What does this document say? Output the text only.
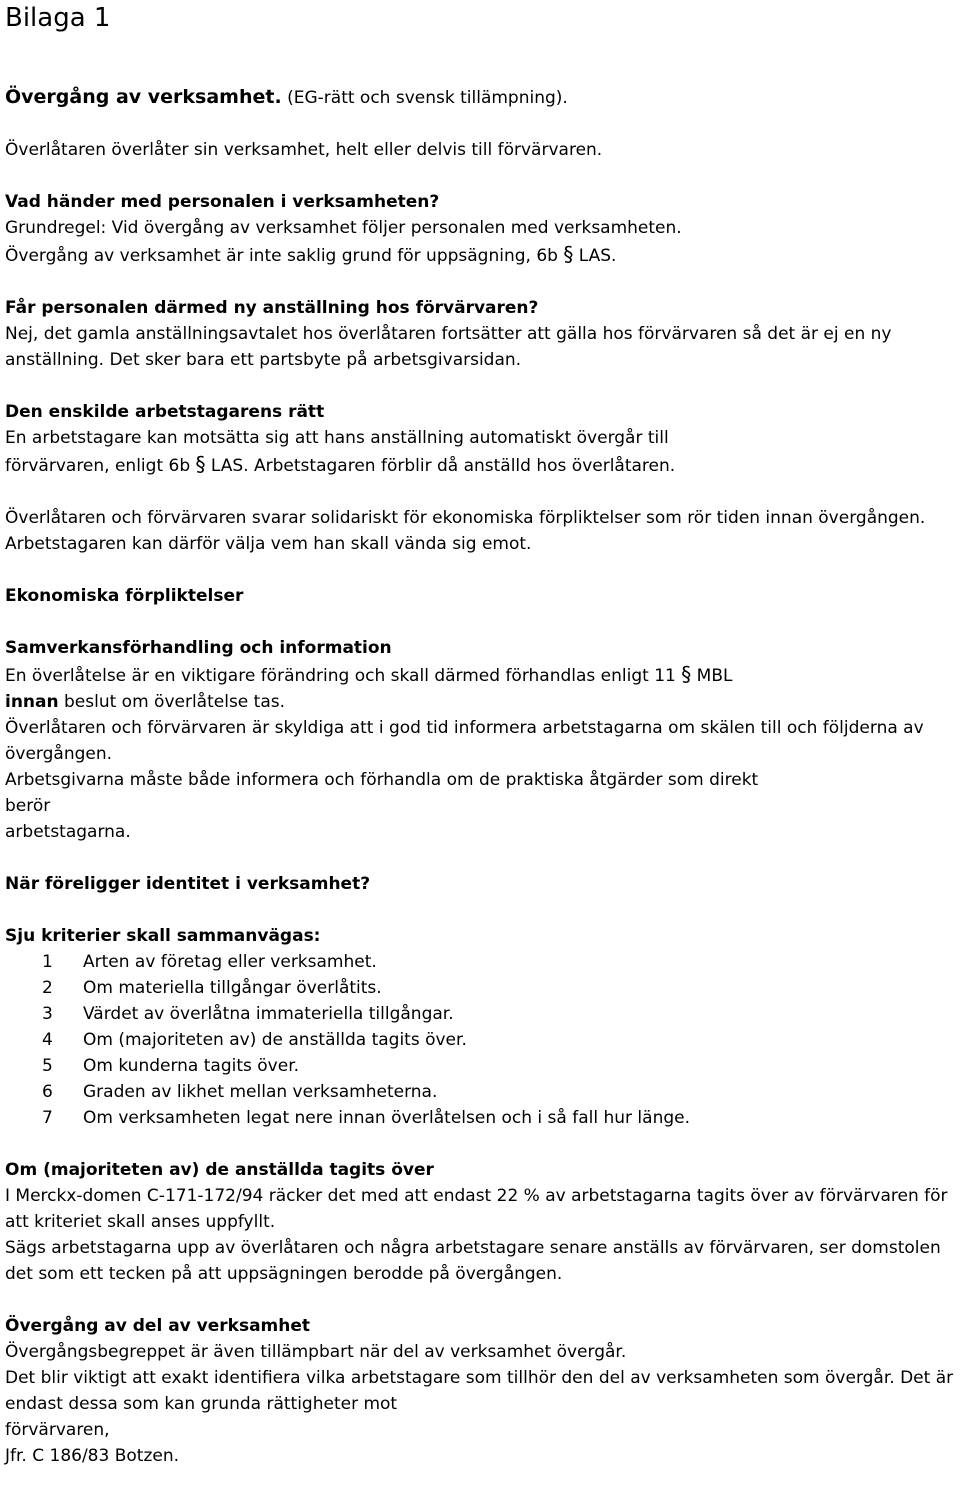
Bilaga 1

Övergång av verksamhet. (EG-rätt och svensk tillämpning).

Överlåtaren överlåter sin verksamhet, helt eller delvis till förvärvaren.

Vad händer med personalen i verksamheten?

Grundregel: Vid övergång av verksamhet följer personalen med verksamheten.

Övergång av verksamhet är inte saklig grund för uppsägning, 6b § LAS.

Får personalen därmed ny anställning hos förvärvaren?

Nej, det gamla anställningsavtalet hos överlåtaren fortsätter att gälla hos förvärvaren så det är ej en ny anställning. Det sker bara ett partsbyte på arbetsgivarsidan.

Den enskilde arbetstagarens rätt

En arbetstagare kan motsätta sig att hans anställning automatiskt övergår till

förvärvaren, enligt 6b § LAS. Arbetstagaren förblir då anställd hos överlåtaren.

Överlåtaren och förvärvaren svarar solidariskt för ekonomiska förpliktelser som rör tiden innan övergången. Arbetstagaren kan därför välja vem han skall vända sig emot.

Ekonomiska förpliktelser

Samverkansförhandling och information

En överlåtelse är en viktigare förändring och skall därmed förhandlas enligt 11 § MBL

innan beslut om överlåtelse tas.

Överlåtaren och förvärvaren är skyldiga att i god tid informera arbetstagarna om skälen till och följderna av övergången.

Arbetsgivarna måste både informera och förhandla om de praktiska åtgärder som direkt

berör

arbetstagarna.

När föreligger identitet i verksamhet?

Sju kriterier skall sammanvägas:

1	Arten av företag eller verksamhet.
2	Om materiella tillgångar överlåtits.
3	Värdet av överlåtna immateriella tillgångar.
4	Om (majoriteten av) de anställda tagits över.
5	Om kunderna tagits över.
6	Graden av likhet mellan verksamheterna.
7	Om verksamheten legat nere innan överlåtelsen och i så fall hur länge.

Om (majoriteten av) de anställda tagits över

I Merckx-domen C-171-172/94 räcker det med att endast 22 % av arbetstagarna tagits över av förvärvaren för att kriteriet skall anses uppfyllt.

Sägs arbetstagarna upp av överlåtaren och några arbetstagare senare anställs av förvärvaren, ser domstolen det som ett tecken på att uppsägningen berodde på övergången.

Övergång av del av verksamhet

Övergångsbegreppet är även tillämpbart när del av verksamhet övergår.

Det blir viktigt att exakt identifiera vilka arbetstagare som tillhör den del av verksamheten som övergår. Det är endast dessa som kan grunda rättigheter mot

förvärvaren,

Jfr. C 186/83 Botzen.
